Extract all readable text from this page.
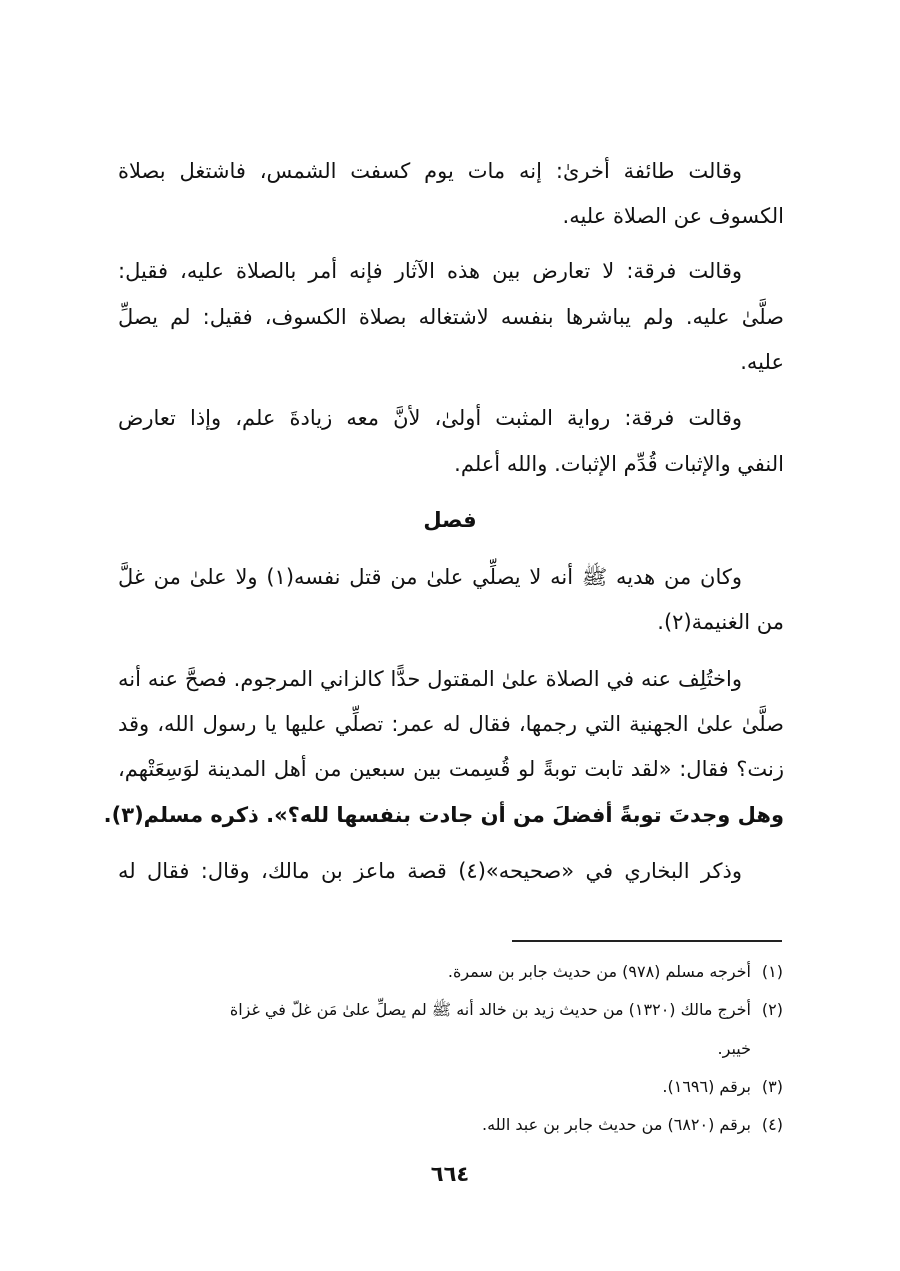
وقالت طائفة أخرىٰ: إنه مات يوم كسفت الشمس، فاشتغل بصلاة
الكسوف عن الصلاة عليه.
وقالت فرقة: لا تعارض بين هذه الآثار فإنه أمر بالصلاة عليه، فقيل:
صلَّىٰ عليه. ولم يباشرها بنفسه لاشتغاله بصلاة الكسوف، فقيل: لم يصلِّ
عليه.
وقالت فرقة: رواية المثبت أولىٰ، لأنَّ معه زيادةَ علم، وإذا تعارض
النفي والإثبات قُدِّم الإثبات. والله أعلم.
وكان من هديه ﷺ أنه لا يصلِّي علىٰ من قتل نفسه(١) ولا علىٰ من غلَّ
من الغنيمة(٢).
واختُلِف عنه في الصلاة علىٰ المقتول حدًّا كالزاني المرجوم. فصحَّ عنه أنه
صلَّىٰ علىٰ الجهنية التي رجمها، فقال له عمر: تصلِّي عليها يا رسول الله، وقد
زنت؟ فقال: «لقد تابت توبةً لو قُسِمت بين سبعين من أهل المدينة لوَسِعَتْهم،
وهل وجدتَ توبةً أفضلَ من أن جادت بنفسها لله؟». ذكره مسلم(٣).
وذكر البخاري في «صحيحه»(٤) قصة ماعز بن مالك، وقال: فقال له
فصل
(١)أخرجه مسلم (٩٧٨) من حديث جابر بن سمرة.
(٢)أخرج مالك (١٣٢٠) من حديث زيد بن خالد أنه ﷺ لم يصلِّ علىٰ مَن غلّ في غزاة
خيبر.
(٣)برقم (١٦٩٦).
(٤)برقم (٦٨٢٠) من حديث جابر بن عبد الله.
٦٦٤
